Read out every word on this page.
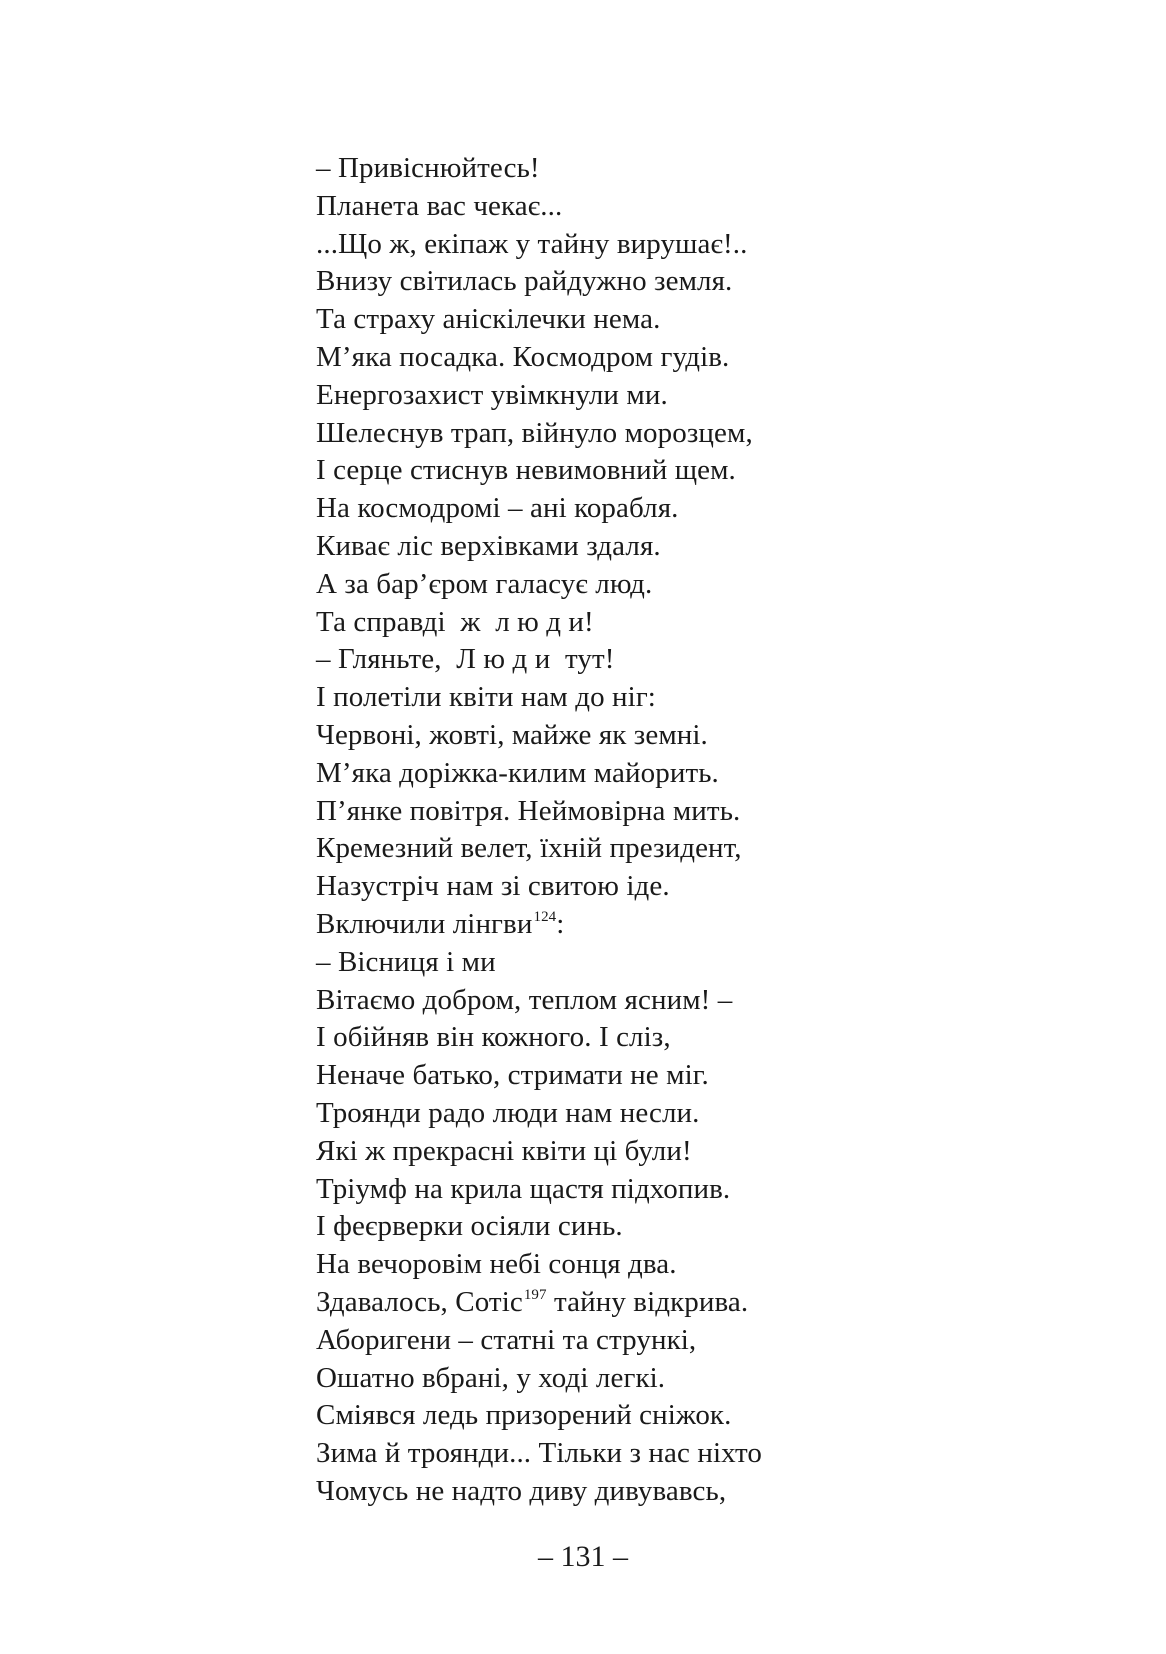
– Привіснюйтесь!
Планета вас чекає...
...Що ж, екіпаж у тайну вирушає!..
Внизу світилась райдужно земля.
Та страху аніскілечки нема.
М’яка посадка. Космодром гудів.
Енергозахист увімкнули ми.
Шелеснув трап, війнуло морозцем,
І серце стиснув невимовний щем.
На космодромі – ані корабля.
Киває ліс верхівками здаля.
А за бар’єром галасує люд.
Та справді  ж  л ю д и!
– Гляньте,  Л ю д и  тут!
І полетіли квіти нам до ніг:
Червоні, жовті, майже як земні.
М’яка доріжка-килим майорить.
П’янке повітря. Неймовірна мить.
Кремезний велет, їхній президент,
Назустріч нам зі свитою іде.
Включили лінгви$^{124}$:
– Вісниця і ми
Вітаємо добром, теплом ясним! –
І обійняв він кожного. І сліз,
Неначе батько, стримати не міг.
Троянди радо люди нам несли.
Які ж прекрасні квіти ці були!
Тріумф на крила щастя підхопив.
І феєрверки осіяли синь.
На вечоровім небі сонця два.
Здавалось, Сотіс$^{197}$ тайну відкрива.
Аборигени – статні та стрункі,
Ошатно вбрані, у ході легкі.
Сміявся ледь призорений сніжок.
Зима й троянди... Тільки з нас ніхто
Чомусь не надто диву дивувавсь,
– 131 –
